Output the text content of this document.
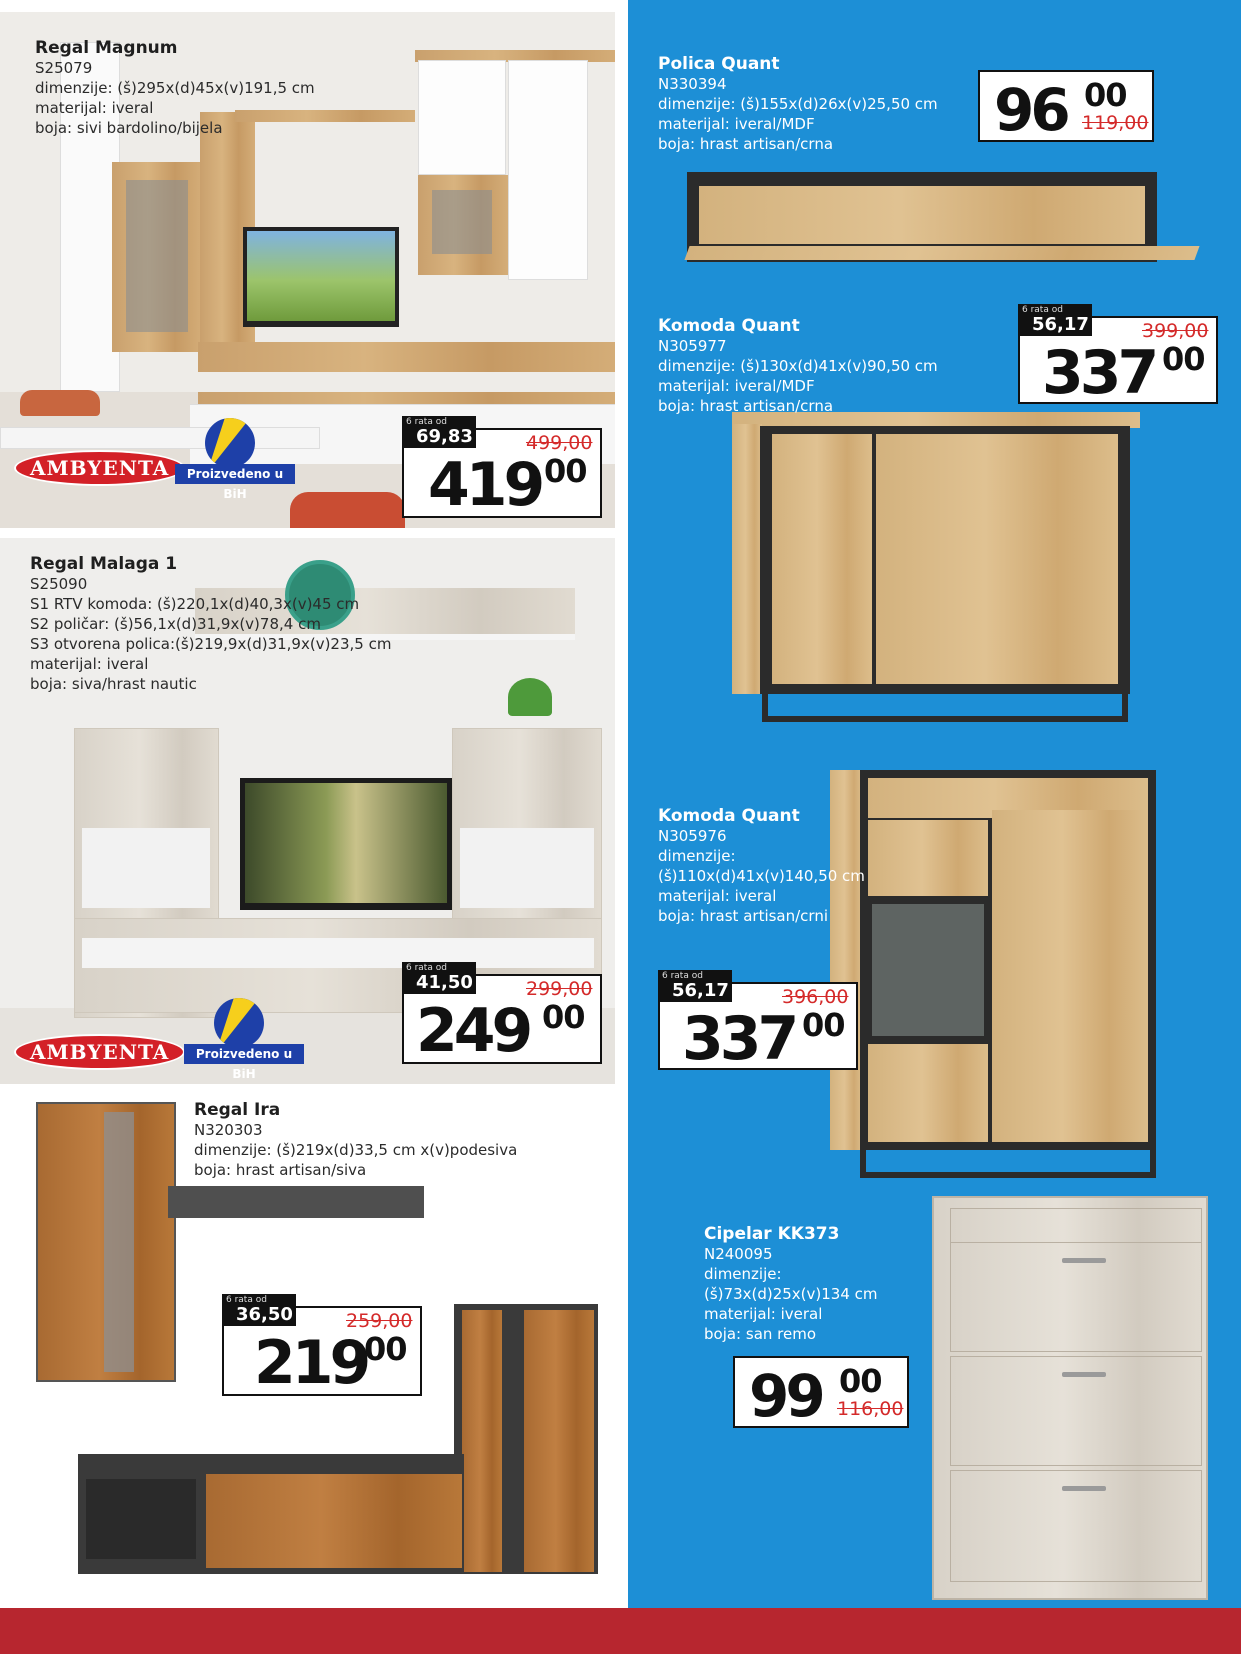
Regal Magnum
S25079
dimenzije: (š)295x(d)45x(v)191,5 cm
materijal: iveral
boja: sivi bardolino/bijela
AMBYENTA	Proizvedeno u BiH
6 rata od
69,83	499,00
419 00
Regal Malaga 1
S25090
S1 RTV komoda: (š)220,1x(d)40,3x(v)45 cm
S2 poličar: (š)56,1x(d)31,9x(v)78,4 cm
S3 otvorena polica:(š)219,9x(d)31,9x(v)23,5 cm
materijal: iveral
boja: siva/hrast nautic
AMBYENTA	Proizvedeno u BiH
6 rata od
41,50	299,00
249 00
Regal Ira
N320303
dimenzije: (š)219x(d)33,5 cm x(v)podesiva
boja: hrast artisan/siva
6 rata od
36,50	259,00
219
00
Polica Quant
N330394
dimenzije: (š)155x(d)26x(v)25,50 cm
materijal: iveral/MDF
boja: hrast artisan/crna	96 00
119,00
Komoda Quant
N305977
dimenzije: (š)130x(d)41x(v)90,50 cm
materijal: iveral/MDF
boja: hrast artisan/crna
6 rata od
56,17	399,00
337 00
Komoda Quant
N305976
dimenzije:
(š)110x(d)41x(v)140,50 cm
materijal: iveral
boja: hrast artisan/crni
6 rata od
56,17	396,00
337 00
Cipelar KK373
N240095
dimenzije:
(š)73x(d)25x(v)134 cm
materijal: iveral
boja: san remo
99 00
116,00
